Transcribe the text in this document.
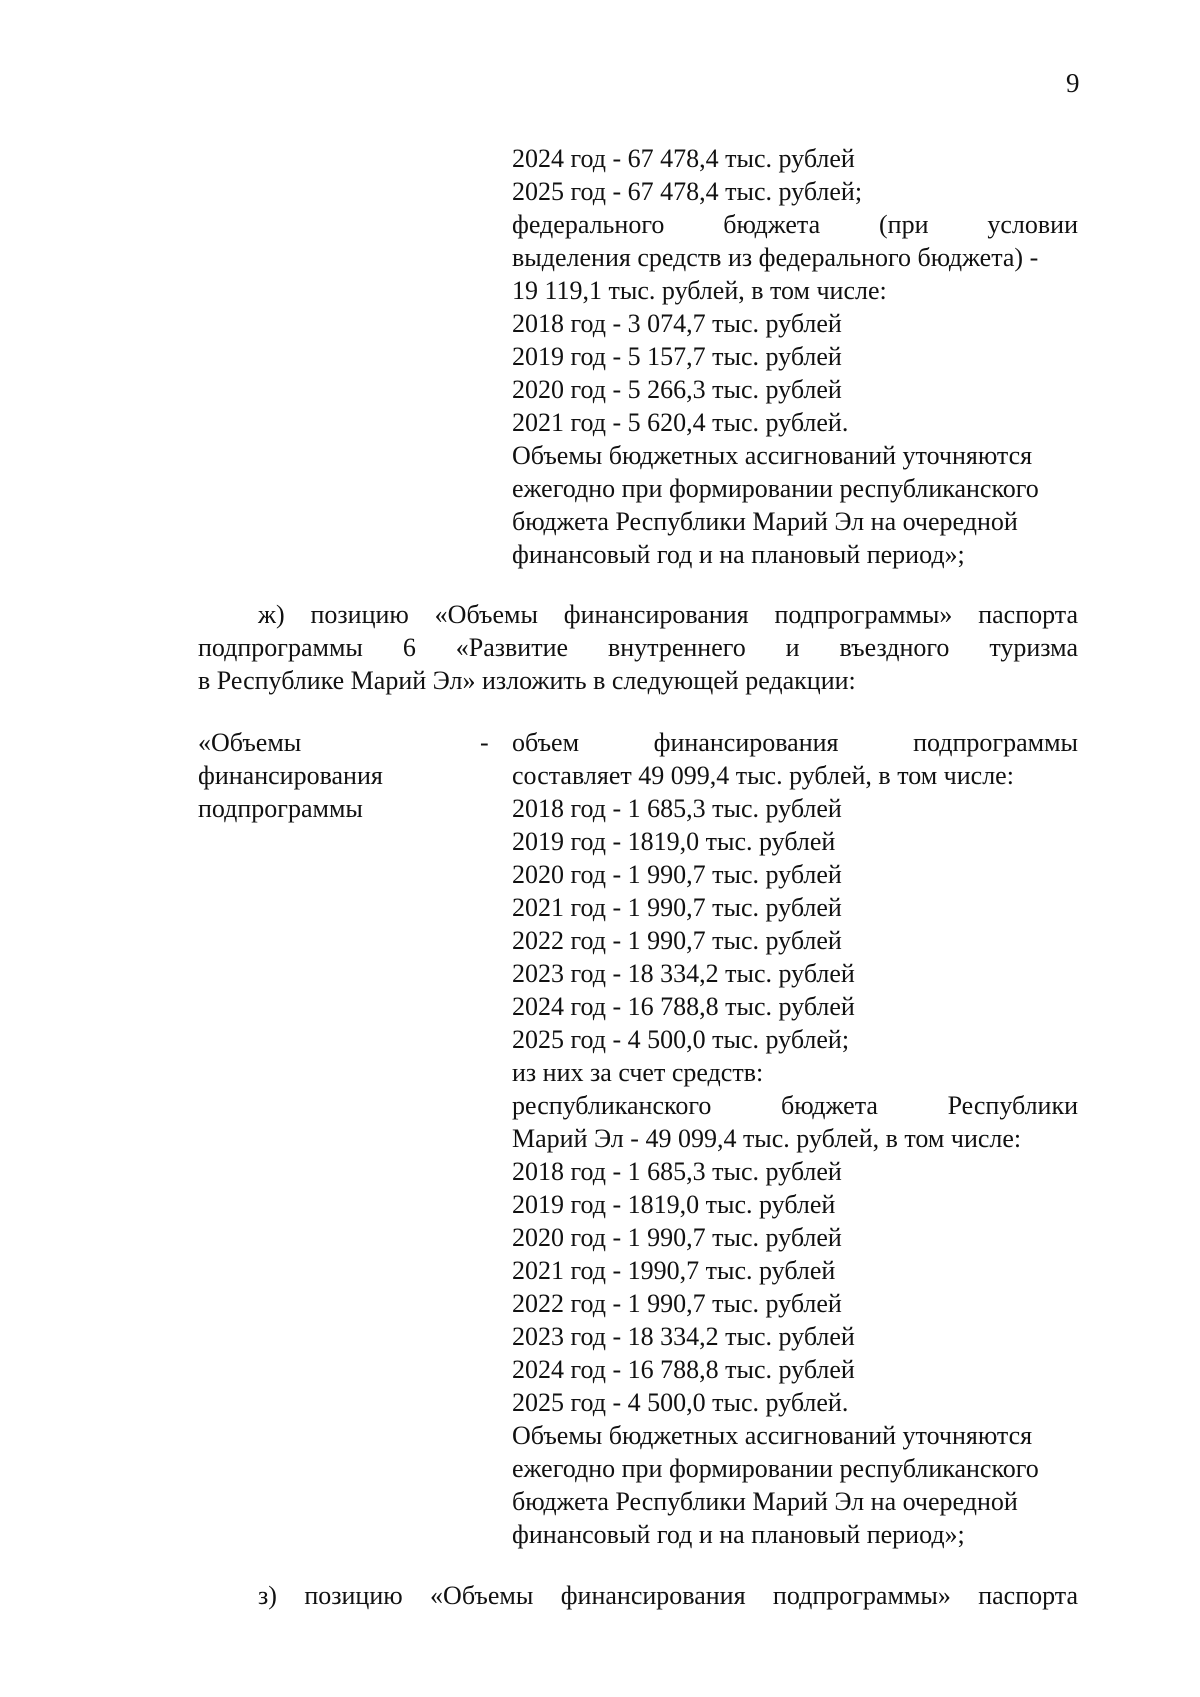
9
2024 год - 67 478,4 тыс. рублей
2025 год - 67 478,4 тыс. рублей;
федерального бюджета (при условии
выделения средств из федерального бюджета) -
19 119,1 тыс. рублей, в том числе:
2018 год - 3 074,7 тыс. рублей
2019 год - 5 157,7 тыс. рублей
2020 год - 5 266,3 тыс. рублей
2021 год - 5 620,4 тыс. рублей.
Объемы бюджетных ассигнований уточняются
ежегодно при формировании республиканского
бюджета Республики Марий Эл на очередной
финансовый год и на плановый период»;
ж) позицию «Объемы финансирования подпрограммы» паспорта
подпрограммы 6 «Развитие внутреннего и въездного туризма
в Республике Марий Эл» изложить в следующей редакции:
«Объемы
финансирования
подпрограммы
- объем финансирования подпрограммы
составляет 49 099,4 тыс. рублей, в том числе:
2018 год - 1 685,3 тыс. рублей
2019 год - 1819,0 тыс. рублей
2020 год - 1 990,7 тыс. рублей
2021 год - 1 990,7 тыс. рублей
2022 год - 1 990,7 тыс. рублей
2023 год - 18 334,2 тыс. рублей
2024 год - 16 788,8 тыс. рублей
2025 год - 4 500,0 тыс. рублей;
из них за счет средств:
республиканского бюджета Республики
Марий Эл - 49 099,4 тыс. рублей, в том числе:
2018 год - 1 685,3 тыс. рублей
2019 год - 1819,0 тыс. рублей
2020 год - 1 990,7 тыс. рублей
2021 год - 1990,7 тыс. рублей
2022 год - 1 990,7 тыс. рублей
2023 год - 18 334,2 тыс. рублей
2024 год - 16 788,8 тыс. рублей
2025 год - 4 500,0 тыс. рублей.
Объемы бюджетных ассигнований уточняются
ежегодно при формировании республиканского
бюджета Республики Марий Эл на очередной
финансовый год и на плановый период»;
з) позицию «Объемы финансирования подпрограммы» паспорта
